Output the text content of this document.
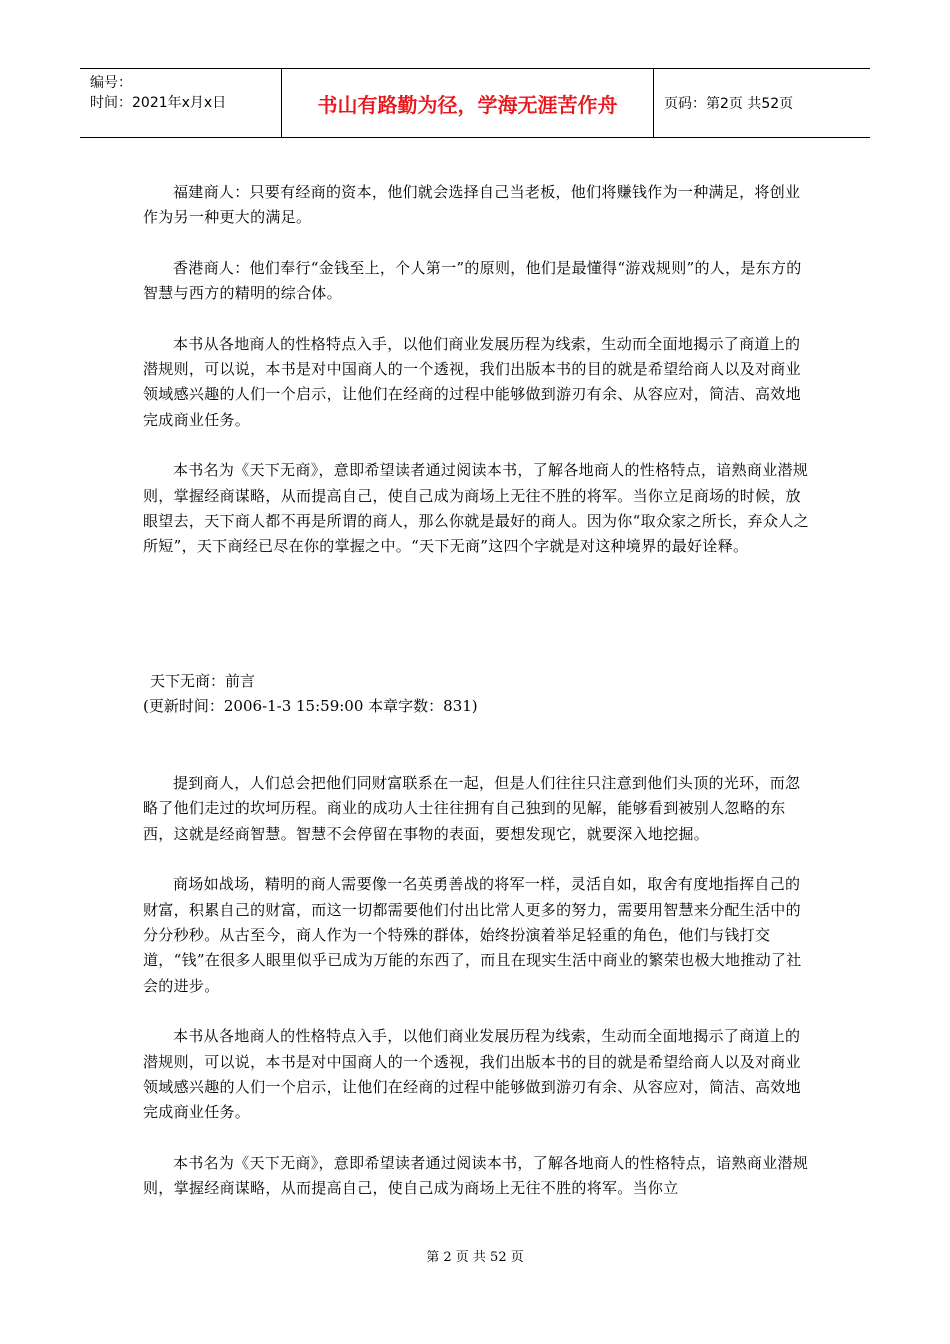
编号：
时间：2021年x月x日	书山有路勤为径，学海无涯苦作舟	页码：第2页 共52页

福建商人：只要有经商的资本，他们就会选择自己当老板，他们将赚钱作为一种满足，将创业作为另一种更大的满足。

香港商人：他们奉行“金钱至上，个人第一”的原则，他们是最懂得“游戏规则”的人，是东方的智慧与西方的精明的综合体。

本书从各地商人的性格特点入手，以他们商业发展历程为线索，生动而全面地揭示了商道上的潜规则，可以说，本书是对中国商人的一个透视，我们出版本书的目的就是希望给商人以及对商业领域感兴趣的人们一个启示，让他们在经商的过程中能够做到游刃有余、从容应对，简洁、高效地完成商业任务。

本书名为《天下无商》，意即希望读者通过阅读本书，了解各地商人的性格特点，谙熟商业潜规则，掌握经商谋略，从而提高自己，使自己成为商场上无往不胜的将军。当你立足商场的时候，放眼望去，天下商人都不再是所谓的商人，那么你就是最好的商人。因为你“取众家之所长，弃众人之所短”，天下商经已尽在你的掌握之中。“天下无商”这四个字就是对这种境界的最好诠释。

天下无商：前言
(更新时间：2006-1-3 15:59:00 本章字数：831)

提到商人，人们总会把他们同财富联系在一起，但是人们往往只注意到他们头顶的光环，而忽略了他们走过的坎坷历程。商业的成功人士往往拥有自己独到的见解，能够看到被别人忽略的东西，这就是经商智慧。智慧不会停留在事物的表面，要想发现它，就要深入地挖掘。

商场如战场，精明的商人需要像一名英勇善战的将军一样，灵活自如，取舍有度地指挥自己的财富，积累自己的财富，而这一切都需要他们付出比常人更多的努力，需要用智慧来分配生活中的分分秒秒。从古至今，商人作为一个特殊的群体，始终扮演着举足轻重的角色，他们与钱打交道，“钱”在很多人眼里似乎已成为万能的东西了，而且在现实生活中商业的繁荣也极大地推动了社会的进步。

本书从各地商人的性格特点入手，以他们商业发展历程为线索，生动而全面地揭示了商道上的潜规则，可以说，本书是对中国商人的一个透视，我们出版本书的目的就是希望给商人以及对商业领域感兴趣的人们一个启示，让他们在经商的过程中能够做到游刃有余、从容应对，简洁、高效地完成商业任务。

本书名为《天下无商》，意即希望读者通过阅读本书，了解各地商人的性格特点，谙熟商业潜规则，掌握经商谋略，从而提高自己，使自己成为商场上无往不胜的将军。当你立

第 2 页 共 52 页
